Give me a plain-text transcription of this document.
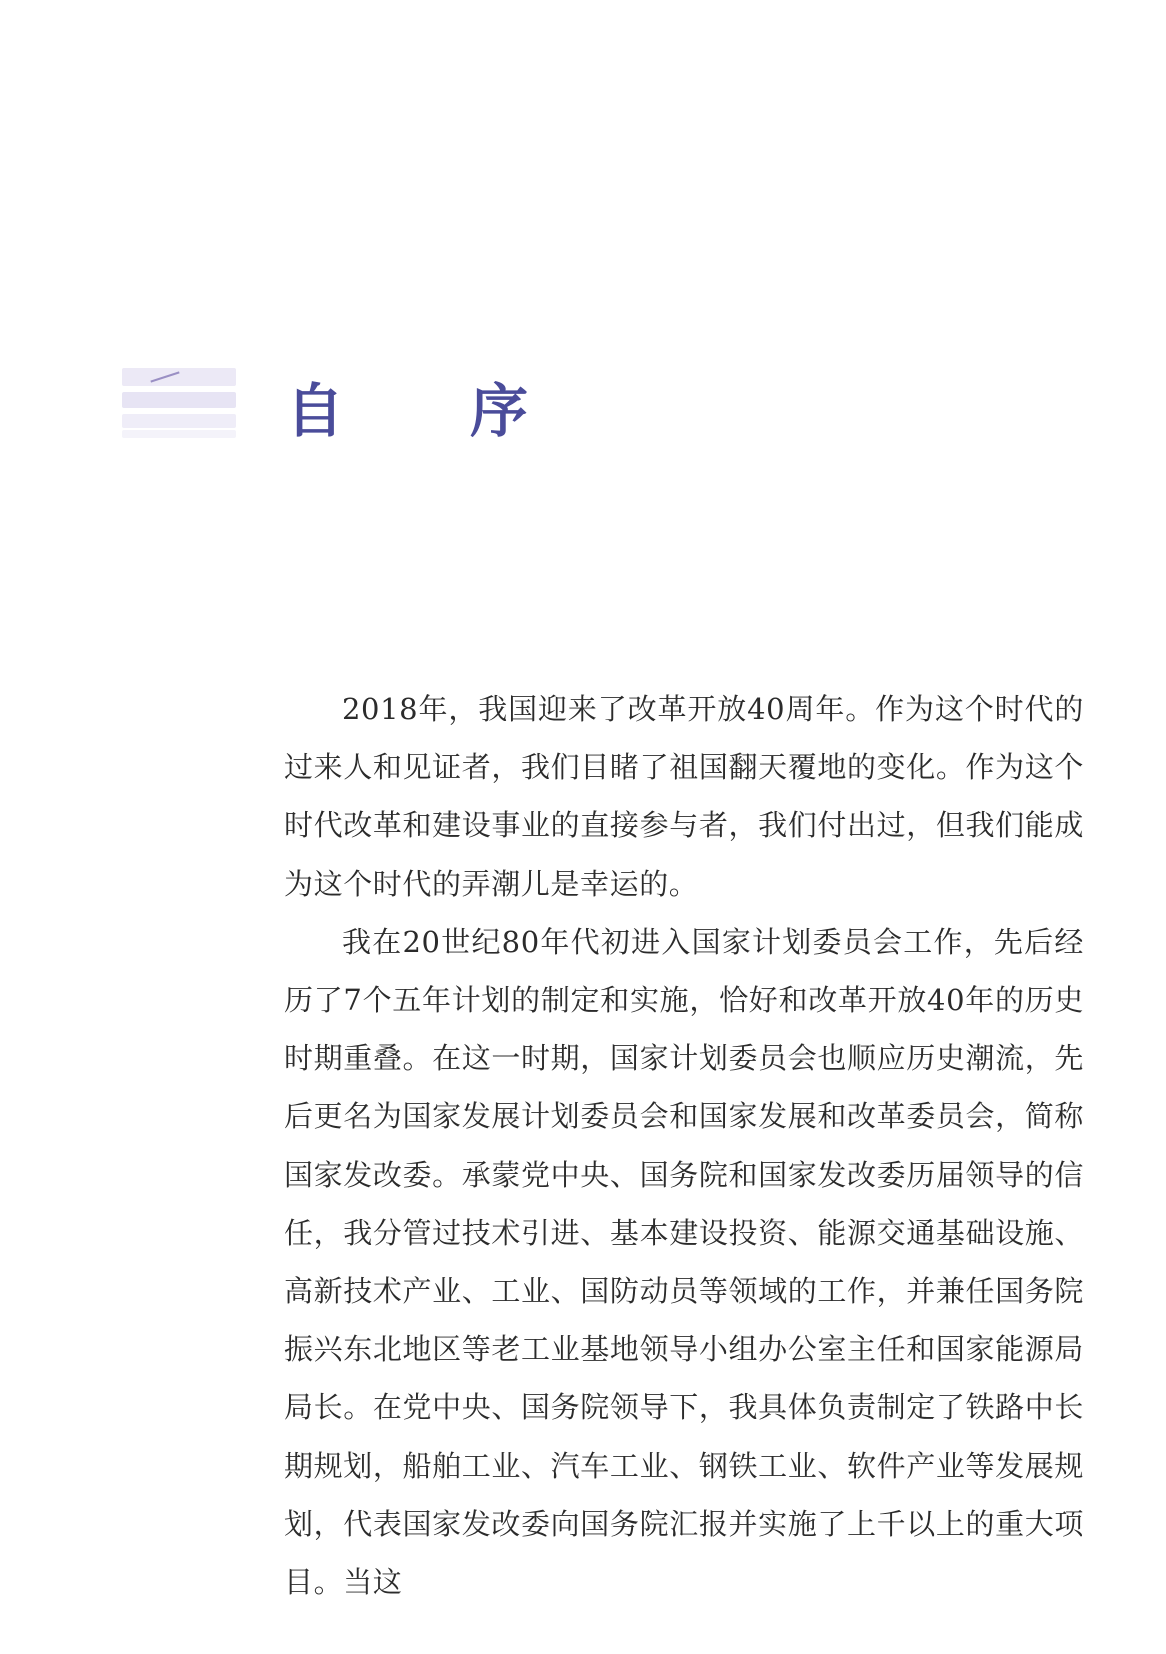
自　序

2018年，我国迎来了改革开放40周年。作为这个时代的过来人和见证者，我们目睹了祖国翻天覆地的变化。作为这个时代改革和建设事业的直接参与者，我们付出过，但我们能成为这个时代的弄潮儿是幸运的。

我在20世纪80年代初进入国家计划委员会工作，先后经历了7个五年计划的制定和实施，恰好和改革开放40年的历史时期重叠。在这一时期，国家计划委员会也顺应历史潮流，先后更名为国家发展计划委员会和国家发展和改革委员会，简称国家发改委。承蒙党中央、国务院和国家发改委历届领导的信任，我分管过技术引进、基本建设投资、能源交通基础设施、高新技术产业、工业、国防动员等领域的工作，并兼任国务院振兴东北地区等老工业基地领导小组办公室主任和国家能源局局长。在党中央、国务院领导下，我具体负责制定了铁路中长期规划，船舶工业、汽车工业、钢铁工业、软件产业等发展规划，代表国家发改委向国务院汇报并实施了上千以上的重大项目。当这
